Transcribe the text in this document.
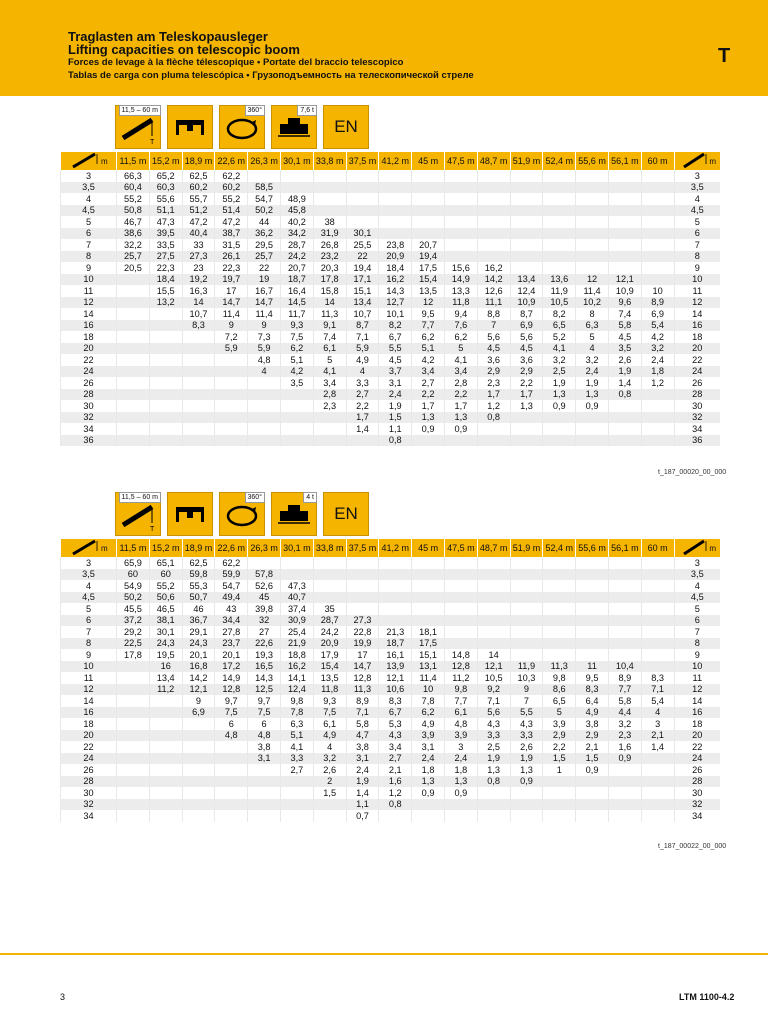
Traglasten am Teleskopausleger
Lifting capacities on telescopic boom
Forces de levage à la flèche télescopique • Portate del braccio telescopico
Tablas de carga con pluma telescópica • Грузоподъемность на телескопической стреле
T
11,5 – 60 m
T
360°	7,6 t
EN
m	11,5 m	15,2 m	18,9 m	22,6 m	26,3 m	30,1 m	33,8 m	37,5 m	41,2 m	45 m	47,5 m	48,7 m	51,9 m	52,4 m	55,6 m	56,1 m	60 m	m

3	66,3	65,2	62,5	62,2														3
3,5	60,4	60,3	60,2	60,2	58,5													3,5
4	55,2	55,6	55,7	55,2	54,7	48,9												4
4,5	50,8	51,1	51,2	51,4	50,2	45,8												4,5
5	46,7	47,3	47,2	47,2	44	40,2	38											5
6	38,6	39,5	40,4	38,7	36,2	34,2	31,9	30,1										6
7	32,2	33,5	33	31,5	29,5	28,7	26,8	25,5	23,8	20,7								7
8	25,7	27,5	27,3	26,1	25,7	24,2	23,2	22	20,9	19,4								8
9	20,5	22,3	23	22,3	22	20,7	20,3	19,4	18,4	17,5	15,6	16,2						9
10		18,4	19,2	19,7	19	18,7	17,8	17,1	16,2	15,4	14,9	14,2	13,4	13,6	12	12,1		10
11		15,5	16,3	17	16,7	16,4	15,8	15,1	14,3	13,5	13,3	12,6	12,4	11,9	11,4	10,9	10	11
12		13,2	14	14,7	14,7	14,5	14	13,4	12,7	12	11,8	11,1	10,9	10,5	10,2	9,6	8,9	12
14			10,7	11,4	11,4	11,7	11,3	10,7	10,1	9,5	9,4	8,8	8,7	8,2	8	7,4	6,9	14
16			8,3	9	9	9,3	9,1	8,7	8,2	7,7	7,6	7	6,9	6,5	6,3	5,8	5,4	16
18				7,2	7,3	7,5	7,4	7,1	6,7	6,2	6,2	5,6	5,6	5,2	5	4,5	4,2	18
20				5,9	5,9	6,2	6,1	5,9	5,5	5,1	5	4,5	4,5	4,1	4	3,5	3,2	20
22					4,8	5,1	5	4,9	4,5	4,2	4,1	3,6	3,6	3,2	3,2	2,6	2,4	22
24					4	4,2	4,1	4	3,7	3,4	3,4	2,9	2,9	2,5	2,4	1,9	1,8	24
26						3,5	3,4	3,3	3,1	2,7	2,8	2,3	2,2	1,9	1,9	1,4	1,2	26
28							2,8	2,7	2,4	2,2	2,2	1,7	1,7	1,3	1,3	0,8		28
30							2,3	2,2	1,9	1,7	1,7	1,2	1,3	0,9	0,9			30
32								1,7	1,5	1,3	1,3	0,8						32
34								1,4	1,1	0,9	0,9							34
36									0,8									36
t_187_00020_00_000
11,5 – 60 m
T
360°	4 t
EN
m	11,5 m	15,2 m	18,9 m	22,6 m	26,3 m	30,1 m	33,8 m	37,5 m	41,2 m	45 m	47,5 m	48,7 m	51,9 m	52,4 m	55,6 m	56,1 m	60 m	m

3	65,9	65,1	62,5	62,2														3
3,5	60	60	59,8	59,9	57,8													3,5
4	54,9	55,2	55,3	54,7	52,6	47,3												4
4,5	50,2	50,6	50,7	49,4	45	40,7												4,5
5	45,5	46,5	46	43	39,8	37,4	35											5
6	37,2	38,1	36,7	34,4	32	30,9	28,7	27,3										6
7	29,2	30,1	29,1	27,8	27	25,4	24,2	22,8	21,3	18,1								7
8	22,5	24,3	24,3	23,7	22,6	21,9	20,9	19,9	18,7	17,5								8
9	17,8	19,5	20,1	20,1	19,3	18,8	17,9	17	16,1	15,1	14,8	14						9
10		16	16,8	17,2	16,5	16,2	15,4	14,7	13,9	13,1	12,8	12,1	11,9	11,3	11	10,4		10
11		13,4	14,2	14,9	14,3	14,1	13,5	12,8	12,1	11,4	11,2	10,5	10,3	9,8	9,5	8,9	8,3	11
12		11,2	12,1	12,8	12,5	12,4	11,8	11,3	10,6	10	9,8	9,2	9	8,6	8,3	7,7	7,1	12
14			9	9,7	9,7	9,8	9,3	8,9	8,3	7,8	7,7	7,1	7	6,5	6,4	5,8	5,4	14
16			6,9	7,5	7,5	7,8	7,5	7,1	6,7	6,2	6,1	5,6	5,5	5	4,9	4,4	4	16
18				6	6	6,3	6,1	5,8	5,3	4,9	4,8	4,3	4,3	3,9	3,8	3,2	3	18
20				4,8	4,8	5,1	4,9	4,7	4,3	3,9	3,9	3,3	3,3	2,9	2,9	2,3	2,1	20
22					3,8	4,1	4	3,8	3,4	3,1	3	2,5	2,6	2,2	2,1	1,6	1,4	22
24					3,1	3,3	3,2	3,1	2,7	2,4	2,4	1,9	1,9	1,5	1,5	0,9		24
26						2,7	2,6	2,4	2,1	1,8	1,8	1,3	1,3	1	0,9			26
28							2	1,9	1,6	1,3	1,3	0,8	0,9					28
30							1,5	1,4	1,2	0,9	0,9							30
32								1,1	0,8									32
34								0,7										34
t_187_00022_00_000
3	LTM 1100-4.2
